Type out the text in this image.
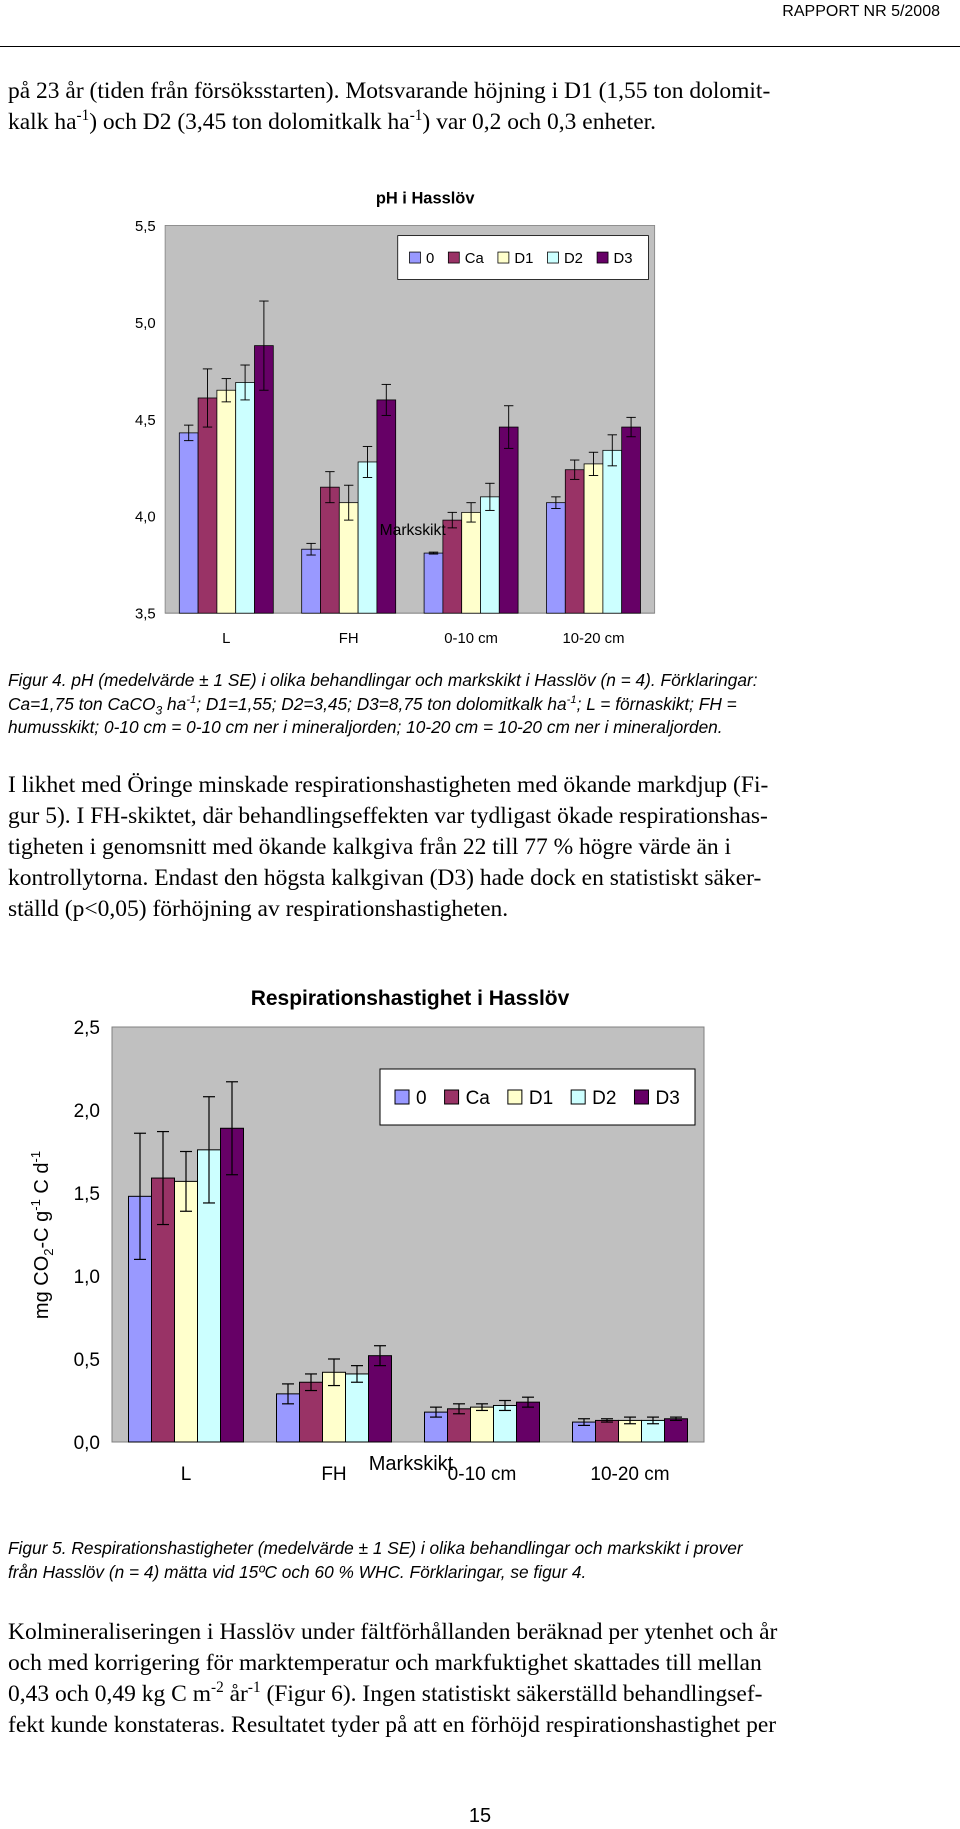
RAPPORT NR 5/2008
på 23 år (tiden från försöksstarten). Motsvarande höjning i D1 (1,55 ton dolomit-
kalk $ha^{-1}$) och D2 (3,45 ton dolomitkalk $ha^{-1}$) var 0,2 och 0,3 enheter.
pH i Hasslöv
3,5
4,0
4,5
5,0
5,5
L	FH	0-10 cm	10-20 cm
0 Ca D1 D2 D3
Markskikt
Figur 4. pH (medelvärde ± 1 SE) i olika behandlingar och markskikt i Hasslöv (n = 4). Förklaringar:
Ca=1,75 ton CaCO$_3$ $ha^{-1}$; D1=1,55; D2=3,45; D3=8,75 ton dolomitkalk $ha^{-1}$; L = förnaskikt; FH =
humusskikt; 0-10 cm = 0-10 cm ner i mineraljorden; 10-20 cm = 10-20 cm ner i mineraljorden.
I likhet med Öringe minskade respirationshastigheten med ökande markdjup (Fi-
gur 5). I FH-skiktet, där behandlingseffekten var tydligast ökade respirationshas-
tigheten i genomsnitt med ökande kalkgiva från 22 till 77 % högre värde än i
kontrollytorna. Endast den högsta kalkgivan (D3) hade dock en statistiskt säker-
ställd (p<0,05) förhöjning av respirationshastigheten.
Respirationshastighet i Hasslöv
0,0
0,5
1,0
1,5
2,0
2,5
L	FH	0-10 cm	10-20 cm
0 Ca D1 D2 D3
Markskikt
mg $CO_2-C$ $g^{-1}$ C $d^{-1}$
Figur 5. Respirationshastigheter (medelvärde ± 1 SE) i olika behandlingar och markskikt i prover
från Hasslöv (n = 4) mätta vid 15ºC och 60 % WHC. Förklaringar, se figur 4.
Kolmineraliseringen i Hasslöv under fältförhållanden beräknad per ytenhet och år
och med korrigering för marktemperatur och markfuktighet skattades till mellan
0,43 och 0,49 kg C $m^{-2}$ $år^{-1}$ (Figur 6). Ingen statistiskt säkerställd behandlingsef-
fekt kunde konstateras. Resultatet tyder på att en förhöjd respirationshastighet per
15
